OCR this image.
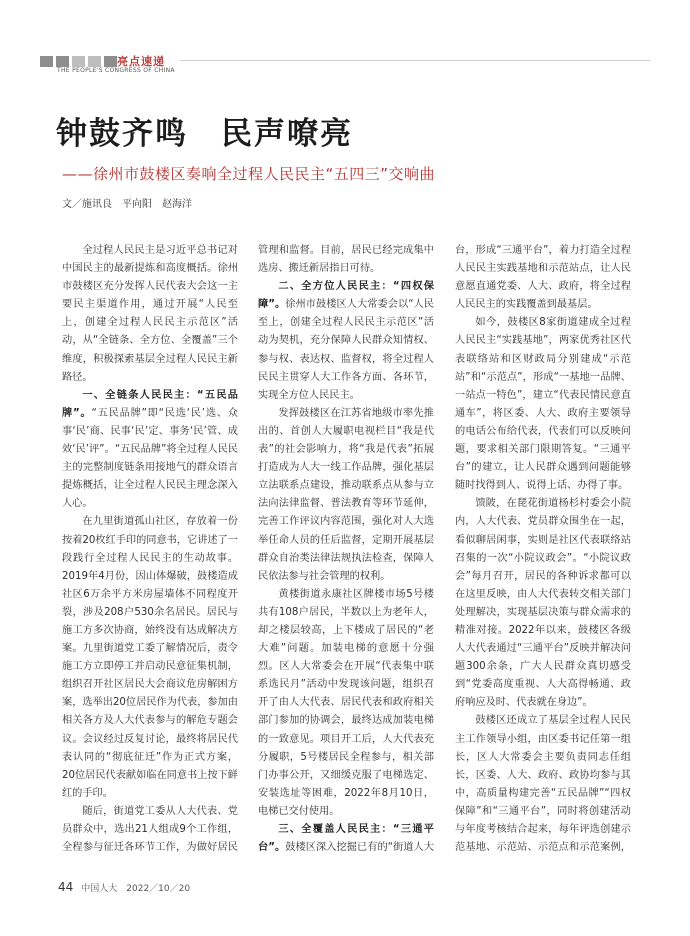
亮点速递
THE PEOPLE'S CONGRESS OF CHINA
钟鼓齐鸣　民声嘹亮
——徐州市鼓楼区奏响全过程人民民主“五四三”交响曲
文／施讯良　平向阳　赵海洋

全过程人民民主是习近平总书记对中国民主的最新提炼和高度概括。徐州市鼓楼区充分发挥人民代表大会这一主要民主渠道作用，通过开展“人民至上，创建全过程人民民主示范区”活动，从“全链条、全方位、全覆盖”三个维度，积极探索基层全过程人民民主新路径。

一、全链条人民民主：“五民品牌”。“五民品牌”即“民选‘民’选、众事‘民’商、民事‘民’定、事务‘民’管、成效‘民’评”。“五民品牌”将全过程人民民主的完整制度链条用接地气的群众语言提炼概括，让全过程人民民主理念深入人心。

在九里街道孤山社区，存放着一份按着20枚红手印的同意书，它讲述了一段践行全过程人民民主的生动故事。2019年4月份，因山体爆破，鼓楼造成社区6万余平方米房屋墙体不同程度开裂，涉及208户530余名居民。居民与施工方多次协商，始终没有达成解决方案。九里街道党工委了解情况后，责令施工方立即停工并启动民意征集机制，组织召开社区居民大会商议危房解困方案，选举出20位居民作为代表，参加由相关各方及人大代表参与的解危专题会议。会议经过反复讨论，最终将居民代表认同的“彻底征迁”作为正式方案，20位居民代表献如临在同意书上按下鲜红的手印。

随后，街道党工委从人大代表、党员群众中，选出21人组成9个工作组，全程参与征迁各环节工作，为做好居民

管理和监督。目前，居民已经完成集中选房、搬迁新居指日可待。

二、全方位人民民主：“四权保障”。徐州市鼓楼区人大常委会以“人民至上，创建全过程人民民主示范区”活动为契机，充分保障人民群众知情权、参与权、表达权、监督权，将全过程人民民主贯穿人大工作各方面、各环节，实现全方位人民民主。

发挥鼓楼区在江苏省地级市率先推出的、首创人大履职电视栏目“我是代表”的社会影响力，将“我是代表”拓展打造成为人大一线工作品牌，强化基层立法联系点建设，推动联系点从参与立法向法律监督、普法教育等环节延伸，完善工作评议内容范围，强化对人大选举任命人员的任后监督，定期开展基层群众自治类法律法规执法检查，保障人民依法参与社会管理的权利。

黄楼街道永康社区牌楼市场5号楼共有108户居民，半数以上为老年人，却之楼层较高，上下楼成了居民的“老大难”问题。加装电梯的意愿十分强烈。区人大常委会在开展“代表集中联系选民月”活动中发现该问题，组织召开了由人大代表、居民代表和政府相关部门参加的协调会，最终达成加装电梯的一致意见。项目开工后，人大代表充分履职，5号楼居民全程参与，相关部门办事公开，又细缓克服了电梯选定、安装选址等困难，2022年8月10日，电梯已交付使用。

三、全覆盖人民民主：“三通平台”。鼓楼区深入挖掘已有的“街道人大

台，形成“三通平台”，着力打造全过程人民民主实践基地和示范站点，让人民意愿直通党委、人大、政府，将全过程人民民主的实践覆盖到最基层。

如今，鼓楼区8家街道建成全过程人民民主“实践基地”，两家优秀社区代表联络站和区财政局分别建成“示范站”和“示范点”，形成“一基地一品牌、一站点一特色”，建立“代表民情民意直通车”，将区委、人大、政府主要领导的电话公布给代表，代表们可以反映问题，要求相关部门限期答复。“三通平台”的建立，让人民群众遇到问题能够随时找得到人、说得上话、办得了事。

馈陂，在琵花街道杨杉村委会小院内，人大代表、党员群众围坐在一起，看似聊居闲事，实则是社区代表联络站召集的一次“小院议政会”。“小院议政会”每月召开，居民的各种诉求都可以在这里反映，由人大代表转交相关部门处理解决，实现基层决策与群众需求的精准对接。2022年以来，鼓楼区各级人大代表通过“三通平台”反映并解决问题300余条，广大人民群众真切感受到“党委高度重视、人大高得畅通、政府响应及时、代表就在身边”。

鼓楼区还成立了基层全过程人民民主工作领导小组，由区委书记任第一组长，区人大常委会主要负责同志任组长，区委、人大、政府、政协均参与其中，高质量构建完善“五民品牌”“四权保障”和“三通平台”，同时将创建活动与年度考核结合起来，每年评选创建示范基地、示范站、示范点和示范案例，

44 中国人大　2022／10／20
